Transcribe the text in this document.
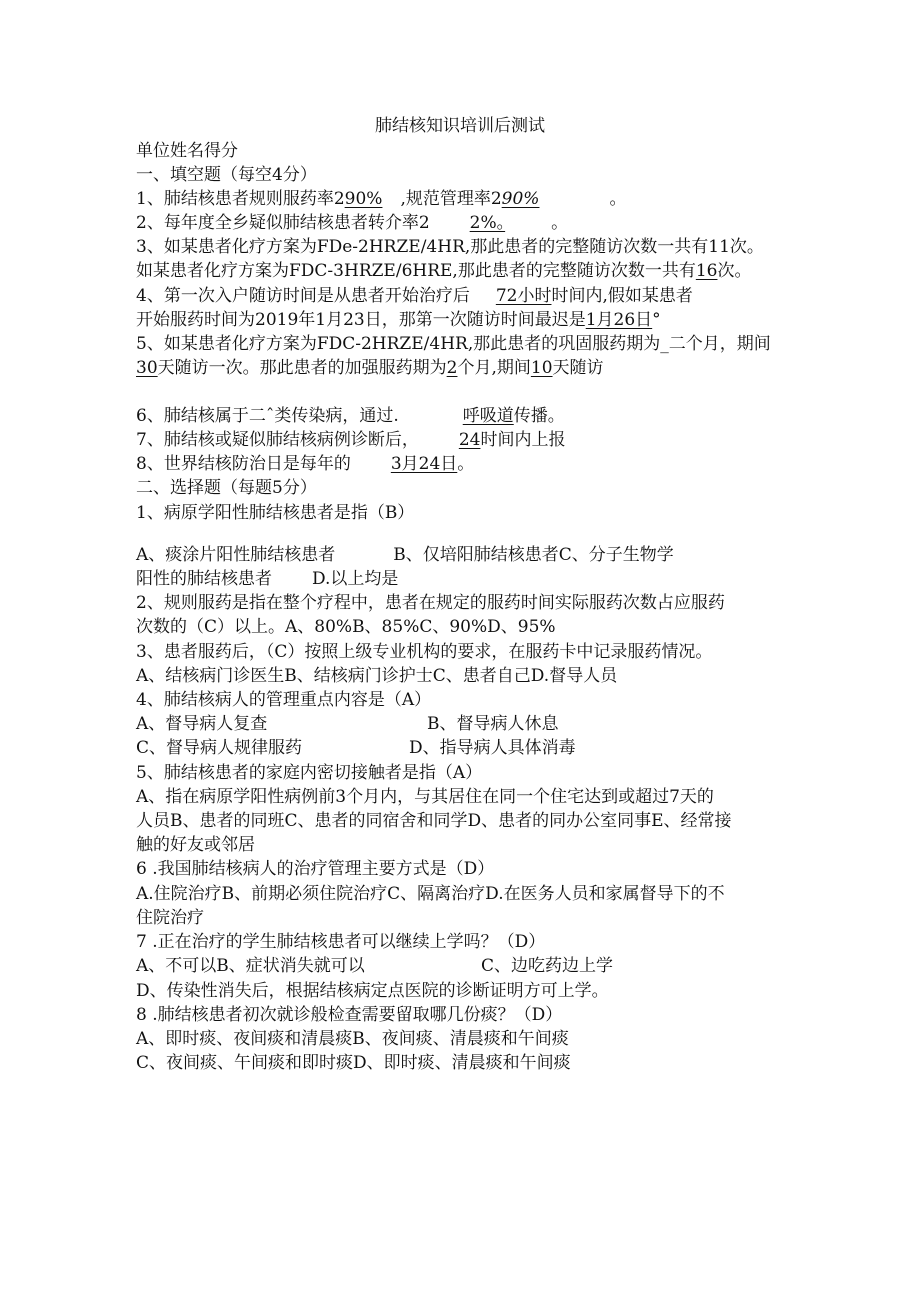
肺结核知识培训后测试
单位姓名得分
一、填空题（每空4分）
1、肺结核患者规则服药率290% ,规范管理率290%	。
2、每年度全乡疑似肺结核患者转介率2 2%。	。
3、如某患者化疗方案为FDe-2HRZE/4HR,那此患者的完整随访次数一共有11次。
如某患者化疗方案为FDC-3HRZE/6HRE,那此患者的完整随访次数一共有16次。
4、第一次入户随访时间是从患者开始治疗后 72小时时间内,假如某患者
开始服药时间为2019年1月23日，那第一次随访时间最迟是1月26日°
5、如某患者化疗方案为FDC-2HRZE/4HR,那此患者的巩固服药期为_二个月，期间
30天随访一次。那此患者的加强服药期为2个月,期间10天随访
6、肺结核属于二ˆ类传染病，通过.	呼吸道传播。
7、肺结核或疑似肺结核病例诊断后， 24时间内上报
8、世界结核防治日是每年的 3月24日。
二、选择题（每题5分）
1、病原学阳性肺结核患者是指（B）
A、痰涂片阳性肺结核患者	B、仅培阳肺结核患者C、分子生物学
阳性的肺结核患者 D.以上均是
2、规则服药是指在整个疗程中，患者在规定的服药时间实际服药次数占应服药
次数的（C）以上。A、80%B、85%C、90%D、95%
3、患者服药后，（C）按照上级专业机构的要求，在服药卡中记录服药情况。
A、结核病门诊医生B、结核病门诊护士C、患者自己D.督导人员
4、肺结核病人的管理重点内容是（A）
A、督导病人复查	B、督导病人休息
C、督导病人规律服药	D、指导病人具体消毒
5、肺结核患者的家庭内密切接触者是指（A）
A、指在病原学阳性病例前3个月内，与其居住在同一个住宅达到或超过7天的
人员B、患者的同班C、患者的同宿舍和同学D、患者的同办公室同事E、经常接
触的好友或邻居
6 .我国肺结核病人的治疗管理主要方式是（D）
A.住院治疗B、前期必须住院治疗C、隔离治疗D.在医务人员和家属督导下的不
住院治疗
7 .正在治疗的学生肺结核患者可以继续上学吗？（D）
A、不可以B、症状消失就可以	C、边吃药边上学
D、传染性消失后，根据结核病定点医院的诊断证明方可上学。
8 .肺结核患者初次就诊般检查需要留取哪几份痰？（D）
A、即时痰、夜间痰和清晨痰B、夜间痰、清晨痰和午间痰
C、夜间痰、午间痰和即时痰D、即时痰、清晨痰和午间痰
